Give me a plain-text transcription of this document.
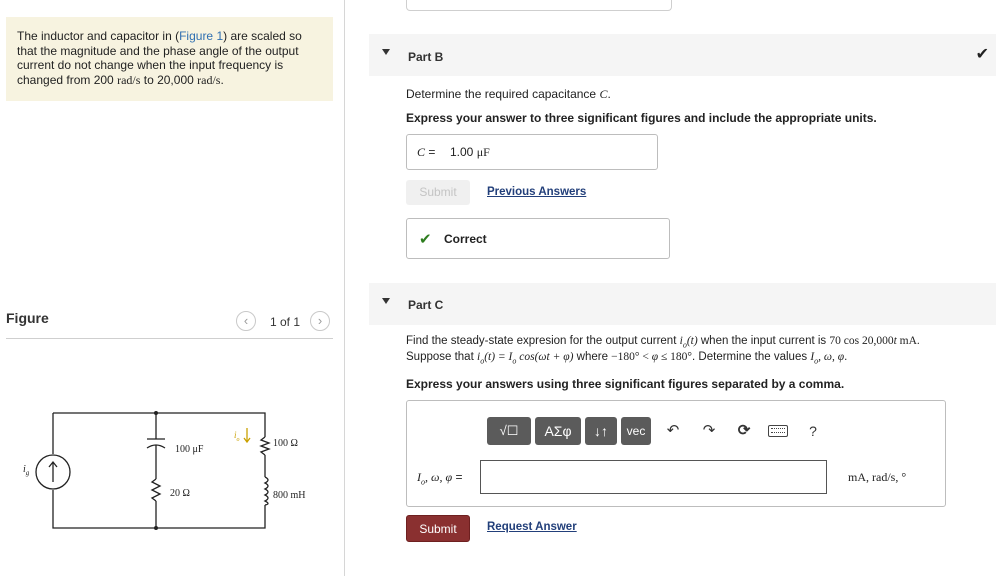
The inductor and capacitor in (Figure 1) are scaled so that the magnitude and the phase angle of the output current do not change when the input frequency is changed from 200 rad/s to 20,000 rad/s.
Figure	‹	1 of 1	›
$i_g$
100 μF
20 Ω
$i_o$	100 Ω
800 mH
Part B	✔
Determine the required capacitance C.
Express your answer to three significant figures and include the appropriate units.
C = 1.00 μF
Submit	Previous Answers
✔ Correct
Part C
Find the steady-state expresion for the output current $i_o(t)$ when the input current is 70 cos 20,000t mA.
Suppose that $i_o(t) = I_o$ cos(ωt + φ) where −180° < φ ≤ 180°. Determine the values $I_o$, ω, φ.
Express your answers using three significant figures separated by a comma.
√☐	ΑΣφ	↓↑	vec	↶	↷	⟳	?
$I_o$, ω, φ =	mA, rad/s, °
Submit	Request Answer
